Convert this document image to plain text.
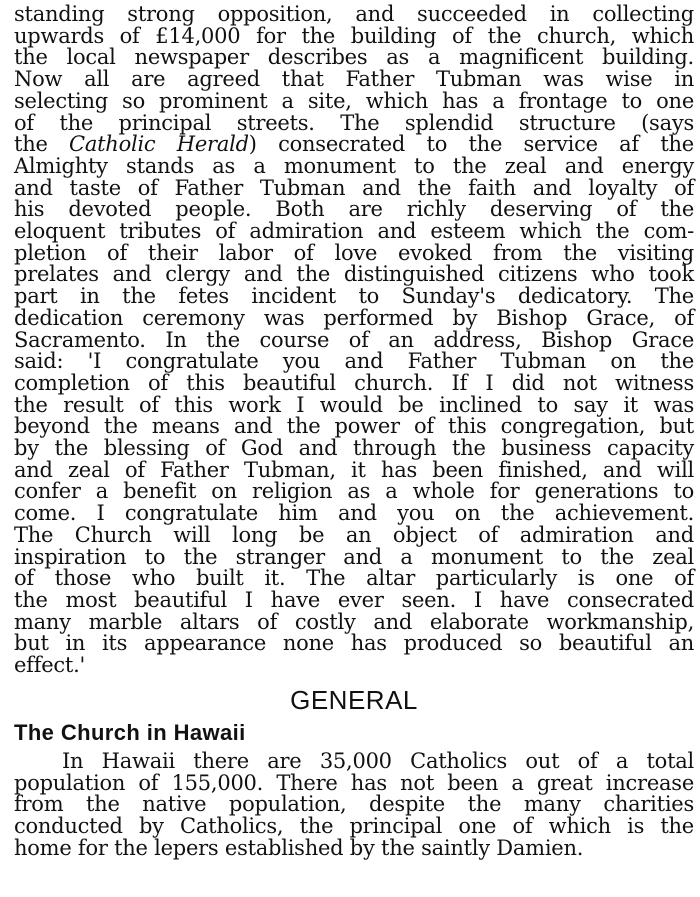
standing strong opposition, and succeeded in collecting
upwards of £14,000 for the building of the church, which
the local newspaper describes as a magnificent building.
Now all are agreed that Father Tubman was wise in
selecting so prominent a site, which has a frontage to one
of the principal streets. The splendid structure (says
the Catholic Herald) consecrated to the service af the
Almighty stands as a monument to the zeal and energy
and taste of Father Tubman and the faith and loyalty of
his devoted people. Both are richly deserving of the
eloquent tributes of admiration and esteem which the com-
pletion of their labor of love evoked from the visiting
prelates and clergy and the distinguished citizens who took
part in the fetes incident to Sunday's dedicatory. The
dedication ceremony was performed by Bishop Grace, of
Sacramento. In the course of an address, Bishop Grace
said: 'I congratulate you and Father Tubman on the
completion of this beautiful church. If I did not witness
the result of this work I would be inclined to say it was
beyond the means and the power of this congregation, but
by the blessing of God and through the business capacity
and zeal of Father Tubman, it has been finished, and will
confer a benefit on religion as a whole for generations to
come. I congratulate him and you on the achievement.
The Church will long be an object of admiration and
inspiration to the stranger and a monument to the zeal
of those who built it. The altar particularly is one of
the most beautiful I have ever seen. I have consecrated
many marble altars of costly and elaborate workmanship,
but in its appearance none has produced so beautiful an
effect.'
GENERAL
The Church in Hawaii
In Hawaii there are 35,000 Catholics out of a total
population of 155,000. There has not been a great increase
from the native population, despite the many charities
conducted by Catholics, the principal one of which is the
home for the lepers established by the saintly Damien.
